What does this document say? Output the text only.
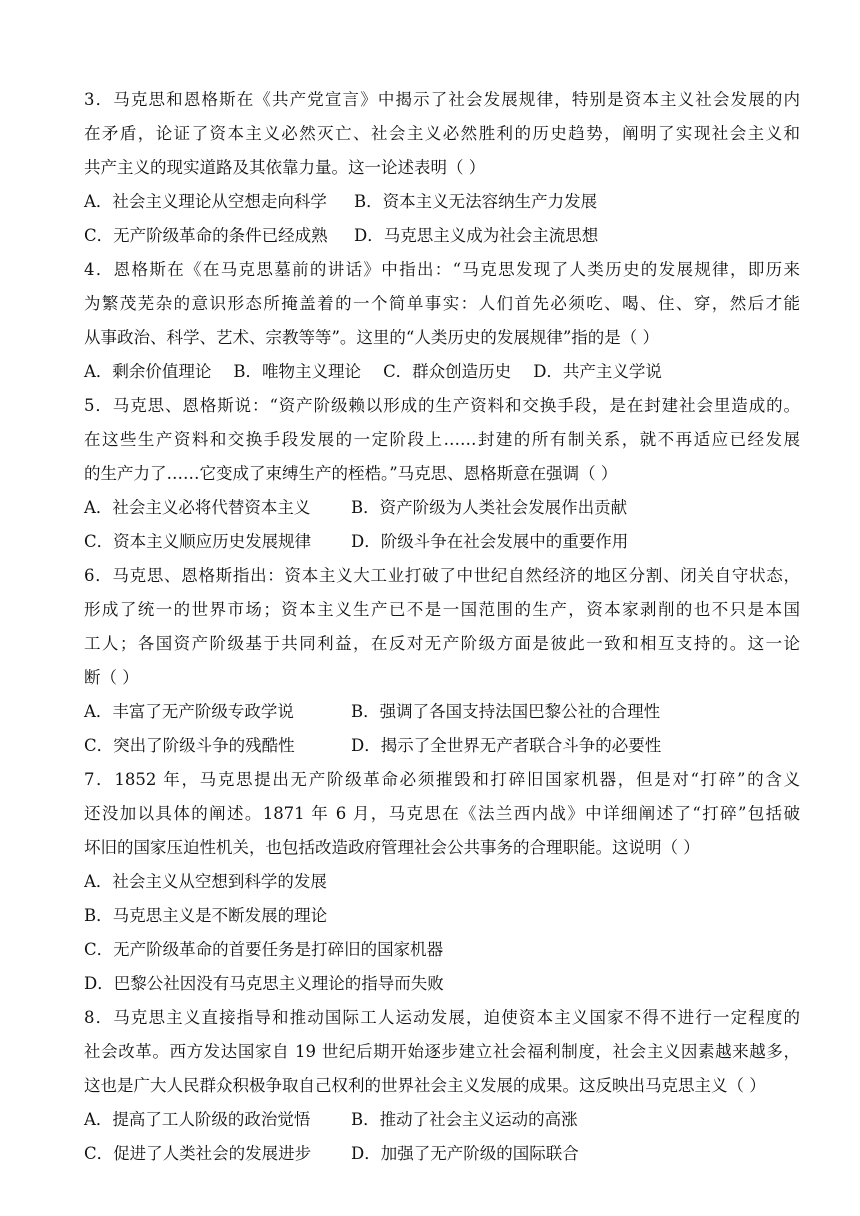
3．马克思和恩格斯在《共产党宣言》中揭示了社会发展规律，特别是资本主义社会发展的内
在矛盾，论证了资本主义必然灭亡、社会主义必然胜利的历史趋势，阐明了实现社会主义和
共产主义的现实道路及其依靠力量。这一论述表明（ ）
A．社会主义理论从空想走向科学	B．资本主义无法容纳生产力发展
C．无产阶级革命的条件已经成熟	D．马克思主义成为社会主流思想
4．恩格斯在《在马克思墓前的讲话》中指出：“马克思发现了人类历史的发展规律，即历来
为繁茂芜杂的意识形态所掩盖着的一个简单事实：人们首先必须吃、喝、住、穿，然后才能
从事政治、科学、艺术、宗教等等”。这里的“人类历史的发展规律”指的是（ ）
A．剩余价值理论 B．唯物主义理论 C．群众创造历史 D．共产主义学说
5．马克思、恩格斯说：“资产阶级赖以形成的生产资料和交换手段，是在封建社会里造成的。
在这些生产资料和交换手段发展的一定阶段上……封建的所有制关系，就不再适应已经发展
的生产力了……它变成了束缚生产的桎梏。”马克思、恩格斯意在强调（ ）
A．社会主义必将代替资本主义	B．资产阶级为人类社会发展作出贡献
C．资本主义顺应历史发展规律	D．阶级斗争在社会发展中的重要作用
6．马克思、恩格斯指出：资本主义大工业打破了中世纪自然经济的地区分割、闭关自守状态，
形成了统一的世界市场；资本主义生产已不是一国范围的生产，资本家剥削的也不只是本国
工人；各国资产阶级基于共同利益，在反对无产阶级方面是彼此一致和相互支持的。这一论
断（ ）
A．丰富了无产阶级专政学说	B．强调了各国支持法国巴黎公社的合理性
C．突出了阶级斗争的残酷性	D．揭示了全世界无产者联合斗争的必要性
7．1852 年，马克思提出无产阶级革命必须摧毁和打碎旧国家机器，但是对“打碎”的含义
还没加以具体的阐述。1871 年 6 月，马克思在《法兰西内战》中详细阐述了“打碎”包括破
坏旧的国家压迫性机关，也包括改造政府管理社会公共事务的合理职能。这说明（ ）
A．社会主义从空想到科学的发展
B．马克思主义是不断发展的理论
C．无产阶级革命的首要任务是打碎旧的国家机器
D．巴黎公社因没有马克思主义理论的指导而失败
8．马克思主义直接指导和推动国际工人运动发展，迫使资本主义国家不得不进行一定程度的
社会改革。西方发达国家自 19 世纪后期开始逐步建立社会福利制度，社会主义因素越来越多，
这也是广大人民群众积极争取自己权利的世界社会主义发展的成果。这反映出马克思主义（ ）
A．提高了工人阶级的政治觉悟	B．推动了社会主义运动的高涨
C．促进了人类社会的发展进步	D．加强了无产阶级的国际联合
